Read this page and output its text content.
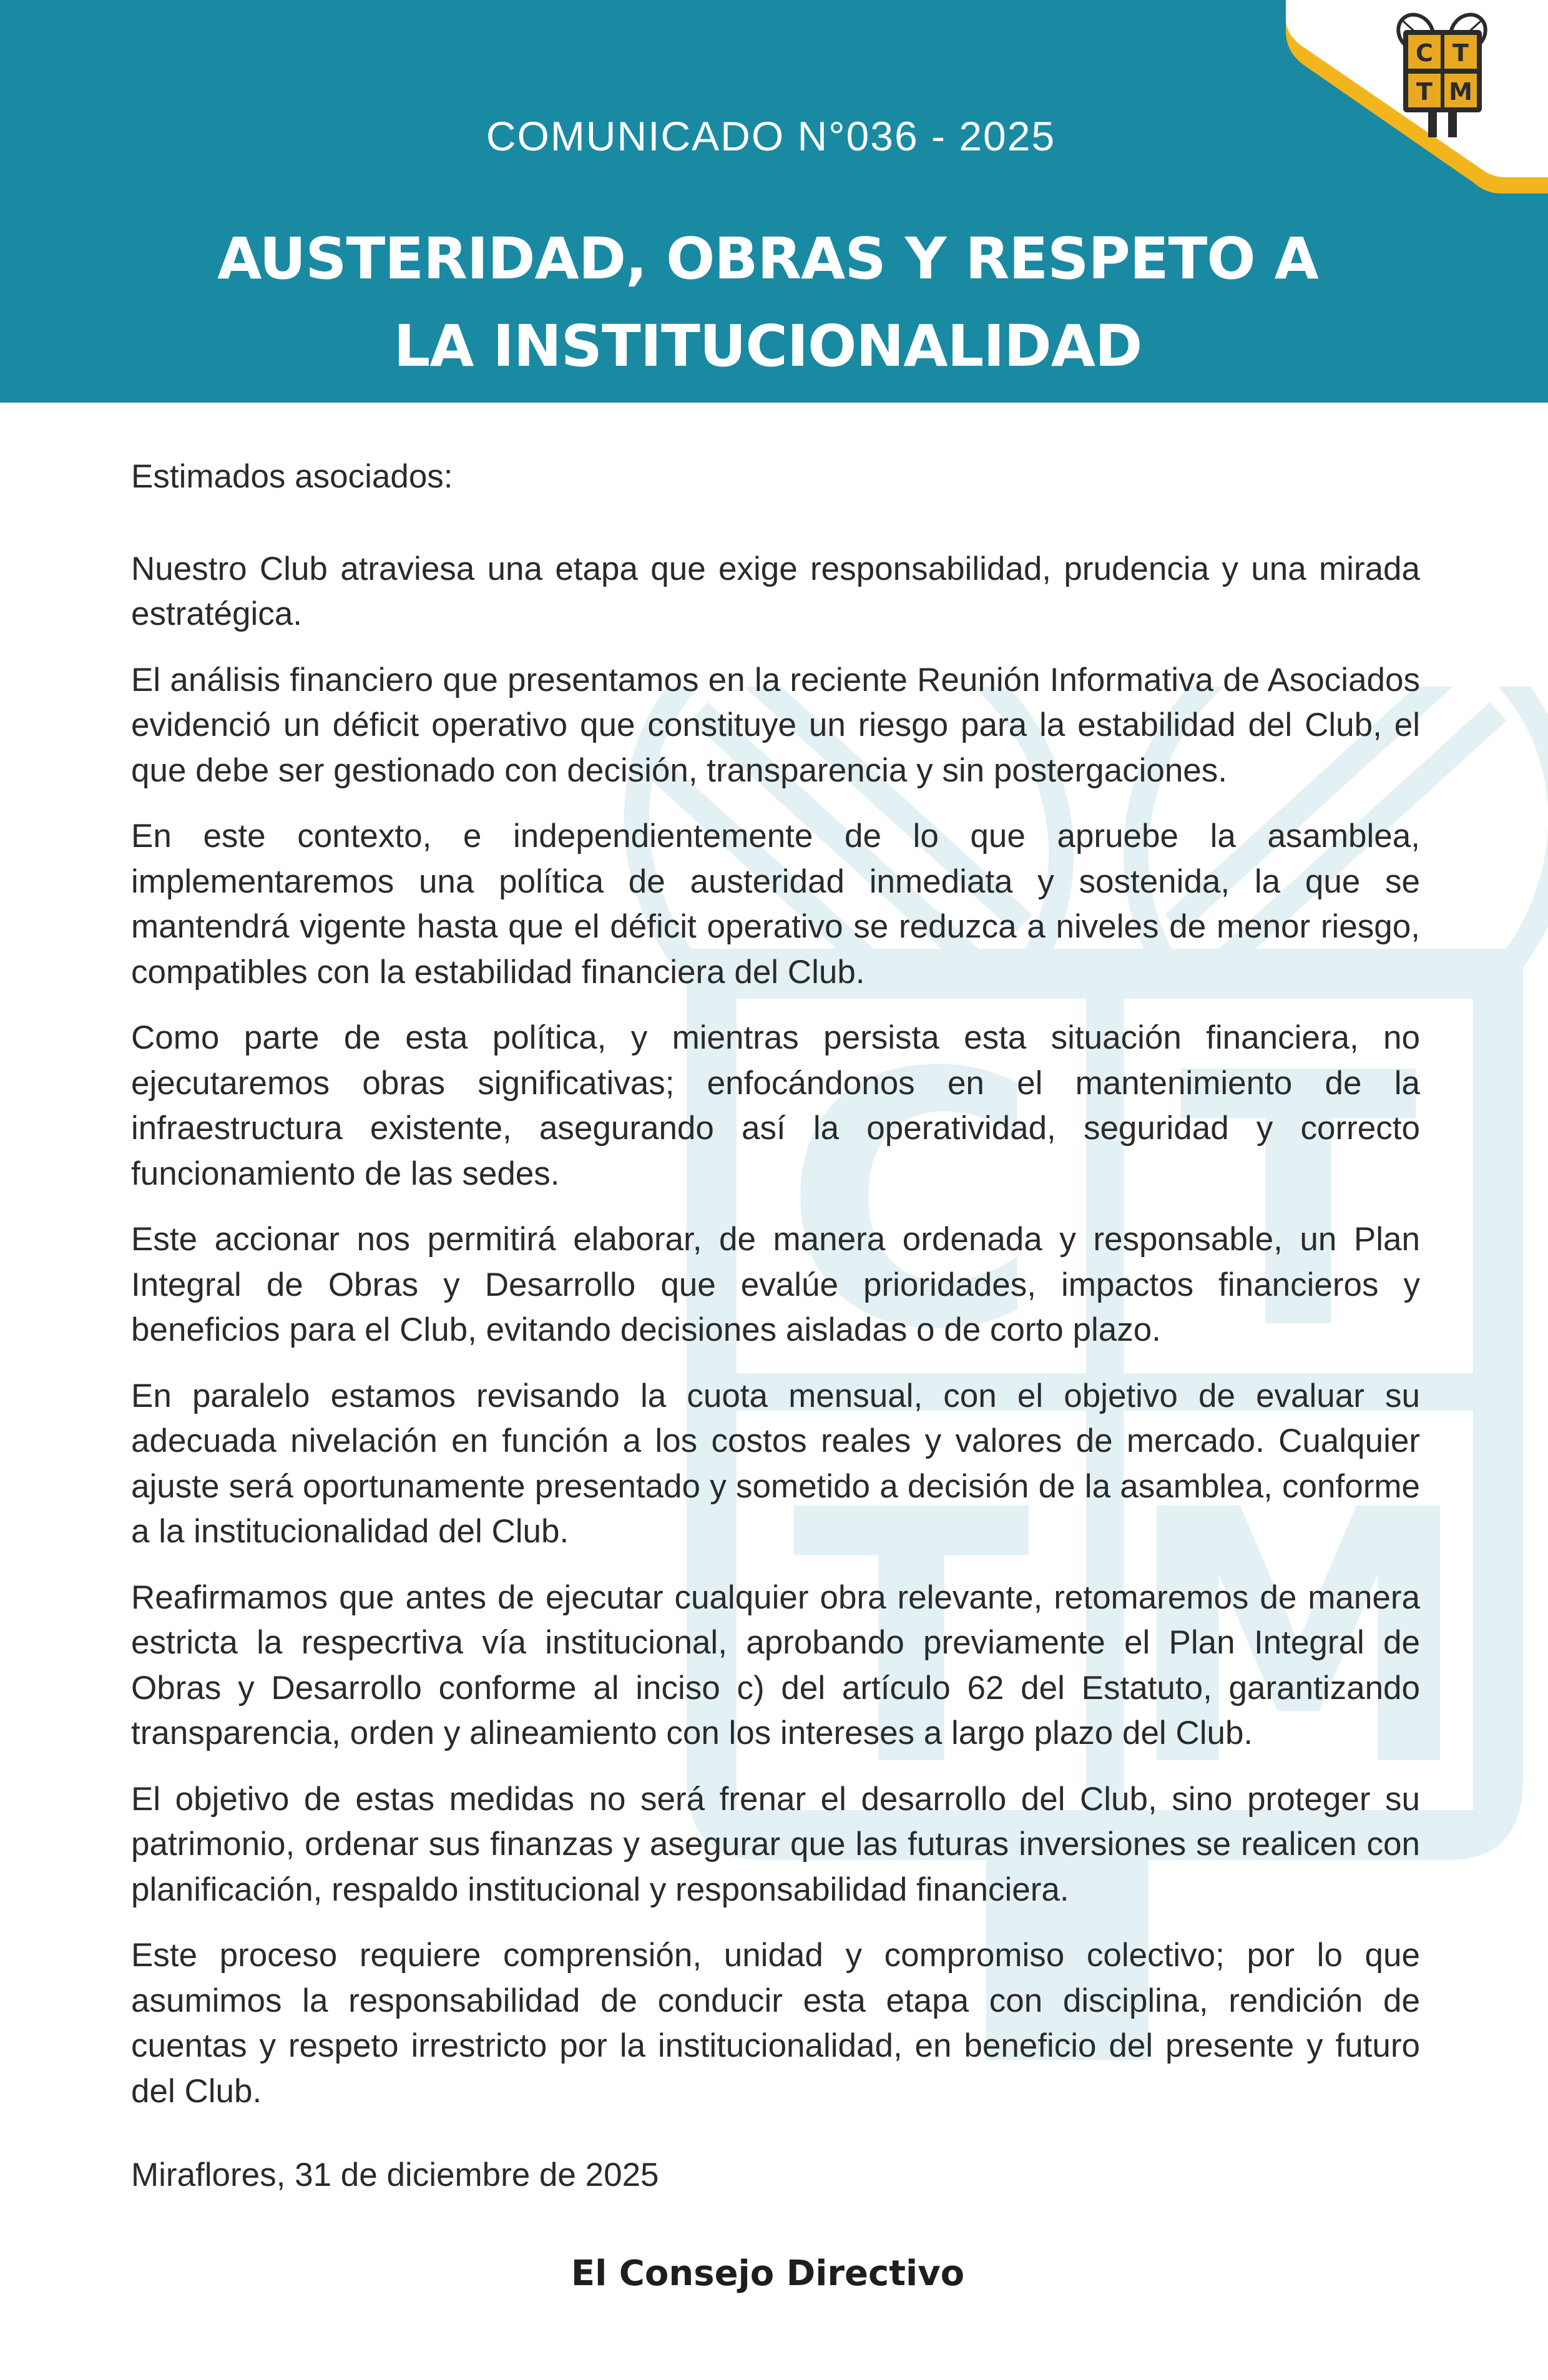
C T
T M
COMUNICADO N°036 - 2025
AUSTERIDAD, OBRAS Y RESPETO A
LA INSTITUCIONALIDAD
C T
T M
Estimados asociados:

Nuestro Club atraviesa una etapa que exige responsabilidad, prudencia y una mirada estratégica.

El análisis financiero que presentamos en la reciente Reunión Informativa de Asociados evidenció un déficit operativo que constituye un riesgo para la estabilidad del Club, el que debe ser gestionado con decisión, transparencia y sin postergaciones.

En este contexto, e independientemente de lo que apruebe la asamblea, implementaremos una política de austeridad inmediata y sostenida, la que se mantendrá vigente hasta que el déficit operativo se reduzca a niveles de menor riesgo, compatibles con la estabilidad financiera del Club.

Como parte de esta política, y mientras persista esta situación financiera, no ejecutaremos obras significativas; enfocándonos en el mantenimiento de la infraestructura existente, asegurando así la operatividad, seguridad y correcto funcionamiento de las sedes.

Este accionar nos permitirá elaborar, de manera ordenada y responsable, un Plan Integral de Obras y Desarrollo que evalúe prioridades, impactos financieros y beneficios para el Club, evitando decisiones aisladas o de corto plazo.

En paralelo estamos revisando la cuota mensual, con el objetivo de evaluar su adecuada nivelación en función a los costos reales y valores de mercado. Cualquier ajuste será oportunamente presentado y sometido a decisión de la asamblea, conforme a la institucionalidad del Club.

Reafirmamos que antes de ejecutar cualquier obra relevante, retomaremos de manera estricta la respecrtiva vía institucional, aprobando previamente el Plan Integral de Obras y Desarrollo conforme al inciso c) del artículo 62 del Estatuto, garantizando transparencia, orden y alineamiento con los intereses a largo plazo del Club.

El objetivo de estas medidas no será frenar el desarrollo del Club, sino proteger su patrimonio, ordenar sus finanzas y asegurar que las futuras inversiones se realicen con planificación, respaldo institucional y responsabilidad financiera.

Este proceso requiere comprensión, unidad y compromiso colectivo; por lo que asumimos la responsabilidad de conducir esta etapa con disciplina, rendición de cuentas y respeto irrestricto por la institucionalidad, en beneficio del presente y futuro del Club.

Miraflores, 31 de diciembre de 2025
El Consejo Directivo
